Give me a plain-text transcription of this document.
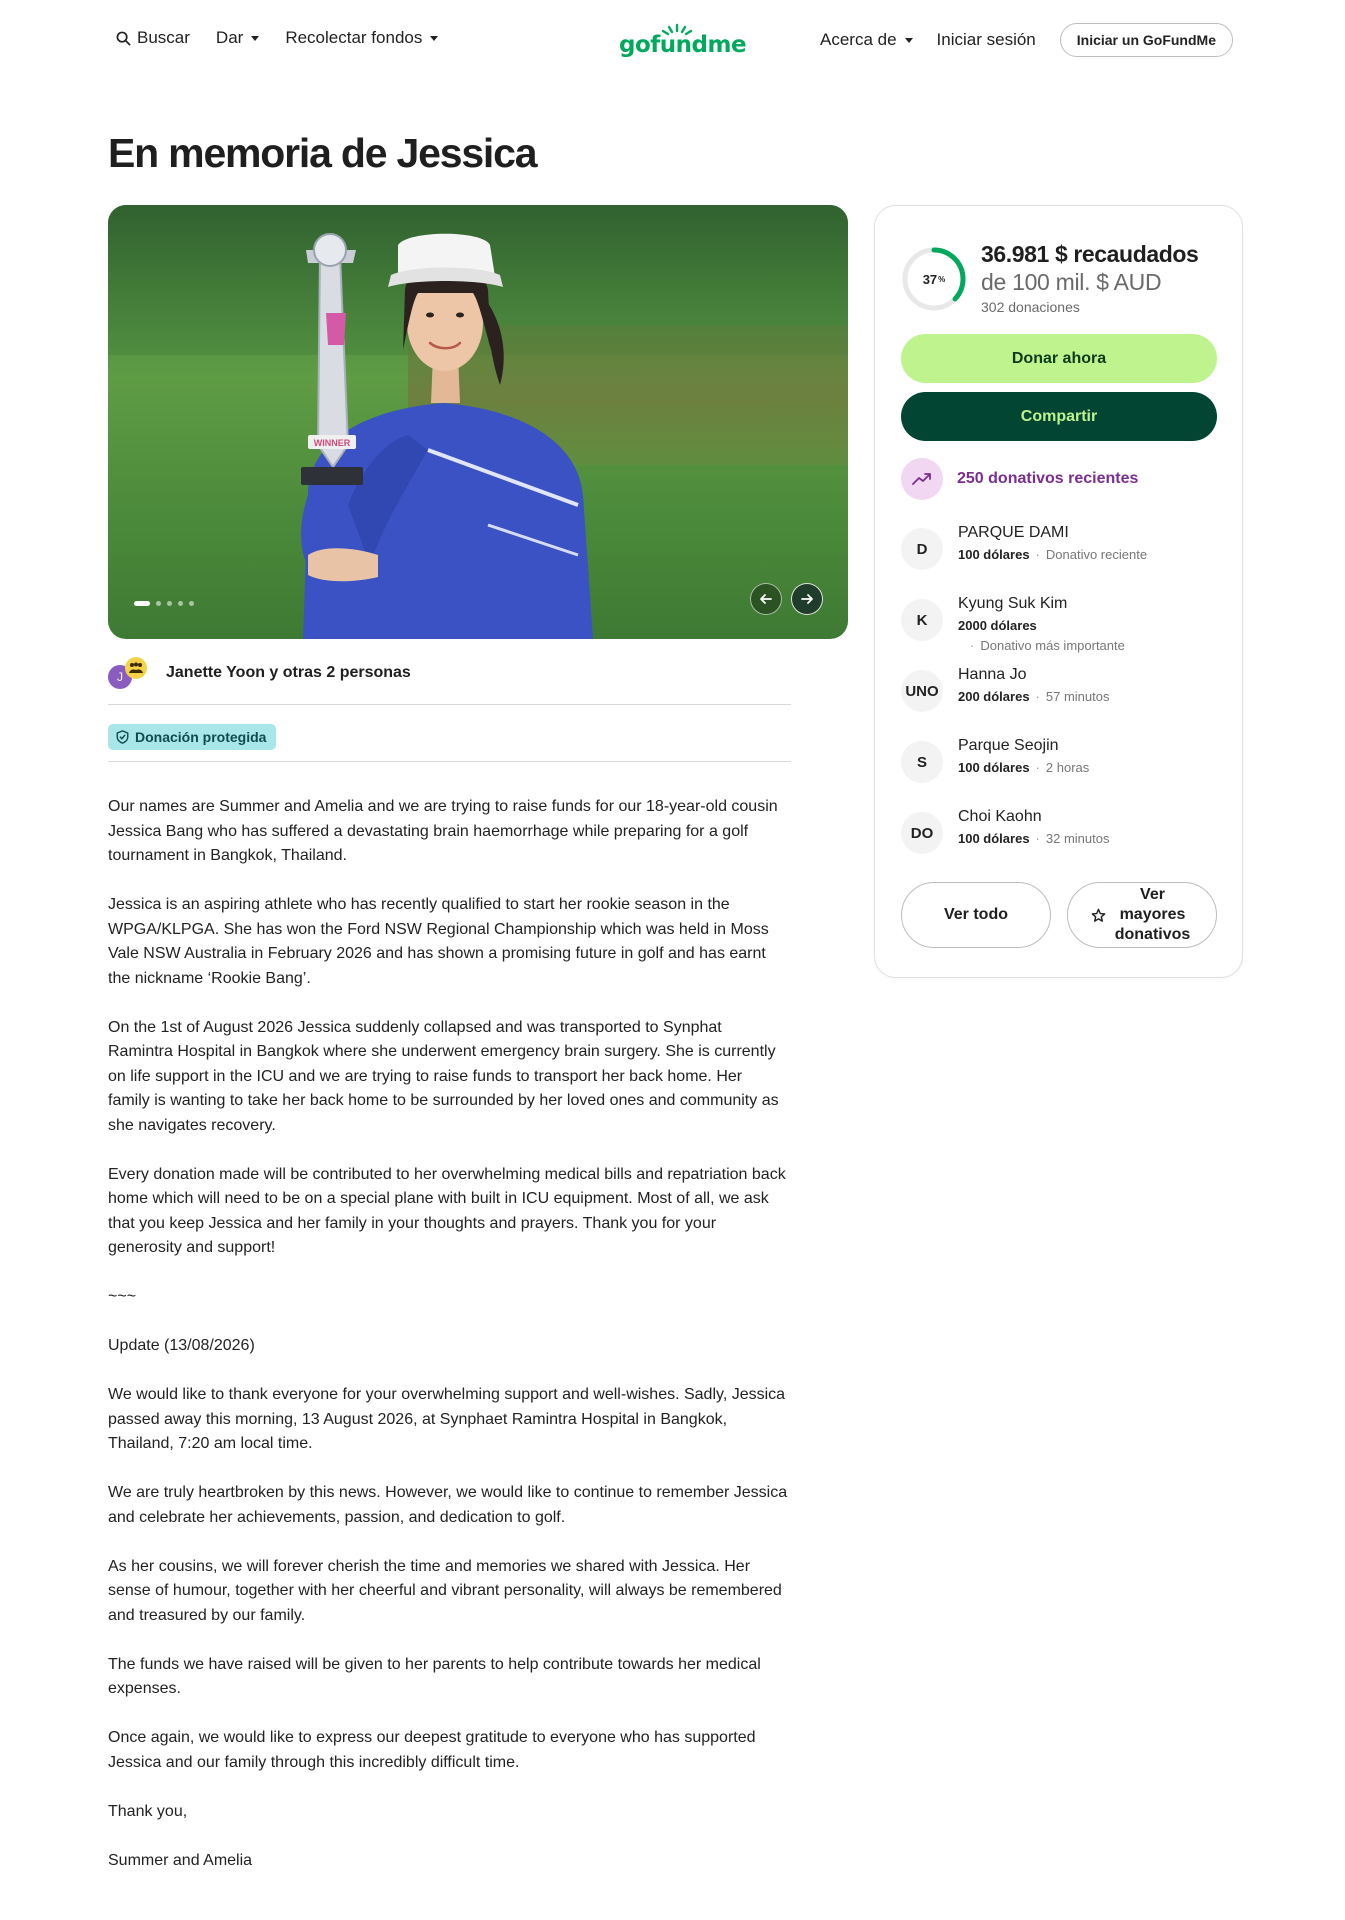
Buscar Dar Recolectar fondos	gofundme	Acerca de Iniciar sesión	Iniciar un GoFundMe
En memoria de Jessica
WINNER
J	Janette Yoon y otras 2 personas
Donación protegida

Our names are Summer and Amelia and we are trying to raise funds for our 18-year-old cousin Jessica Bang who has suffered a devastating brain haemorrhage while preparing for a golf tournament in Bangkok, Thailand.

Jessica is an aspiring athlete who has recently qualified to start her rookie season in the WPGA/KLPGA. She has won the Ford NSW Regional Championship which was held in Moss Vale NSW Australia in February 2026 and has shown a promising future in golf and has earnt the nickname ‘Rookie Bang’.

On the 1st of August 2026 Jessica suddenly collapsed and was transported to Synphat Ramintra Hospital in Bangkok where she underwent emergency brain surgery. She is currently on life support in the ICU and we are trying to raise funds to transport her back home. Her family is wanting to take her back home to be surrounded by her loved ones and community as she navigates recovery.

Every donation made will be contributed to her overwhelming medical bills and repatriation back home which will need to be on a special plane with built in ICU equipment. Most of all, we ask that you keep Jessica and her family in your thoughts and prayers. Thank you for your generosity and support!

~~~

Update (13/08/2026)

We would like to thank everyone for your overwhelming support and well-wishes. Sadly, Jessica passed away this morning, 13 August 2026, at Synphaet Ramintra Hospital in Bangkok, Thailand, 7:20 am local time.

We are truly heartbroken by this news. However, we would like to continue to remember Jessica and celebrate her achievements, passion, and dedication to golf.

As her cousins, we will forever cherish the time and memories we shared with Jessica. Her sense of humour, together with her cheerful and vibrant personality, will always be remembered and treasured by our family.

The funds we have raised will be given to her parents to help contribute towards her medical expenses.

Once again, we would like to express our deepest gratitude to everyone who has supported Jessica and our family through this incredibly difficult time.

Thank you,

Summer and Amelia

37 %
36.981 $ recaudados
de 100 mil. $ AUD
302 donaciones
Donar ahora
Compartir
250 donativos recientes
D
PARQUE DAMI
100 dólares · Donativo reciente
K
Kyung Suk Kim
2000 dólares
· Donativo más importante
UNO
Hanna Jo
200 dólares · 57 minutos
S
Parque Seojin
100 dólares · 2 horas
DO
Choi Kaohn
100 dólares · 32 minutos
Ver todo
Ver mayores donativos
